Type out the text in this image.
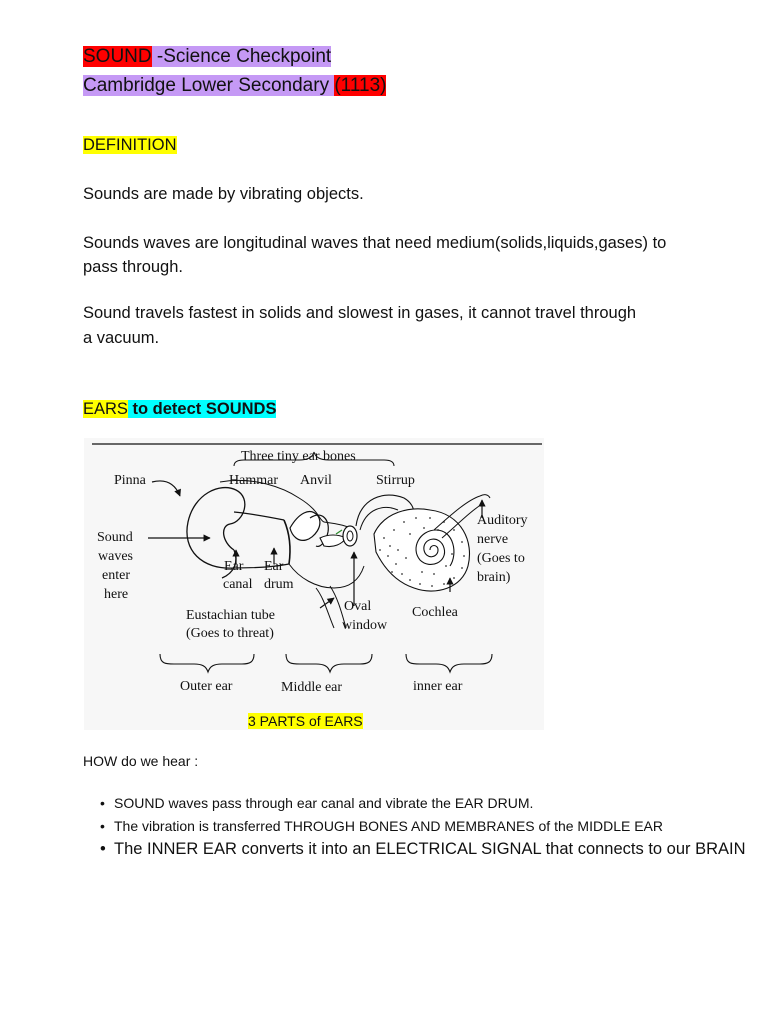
SOUND -Science Checkpoint
Cambridge Lower Secondary (1113)
DEFINITION
Sounds are made by vibrating objects.
Sounds waves are longitudinal waves that need medium(solids,liquids,gases) to
pass through.
Sound travels fastest in solids and slowest in gases, it cannot travel through
a vacuum.
EARS to detect SOUNDS
Three tiny ear bones
Pinna	Hammar Anvil	Stirrup
Auditory
nerve
(Goes to
brain)
Sound
waves
enter
here
Ear
canal
Ear
drum
Eustachian tube
(Goes to threat)
Oval
window
Cochlea
Outer ear	Middle ear	inner ear
3 PARTS of EARS
HOW do we hear :
• SOUND waves pass through ear canal and vibrate the EAR DRUM.
• The vibration is transferred THROUGH BONES AND MEMBRANES of the MIDDLE EAR
• The INNER EAR converts it into an ELECTRICAL SIGNAL that connects to our BRAIN
